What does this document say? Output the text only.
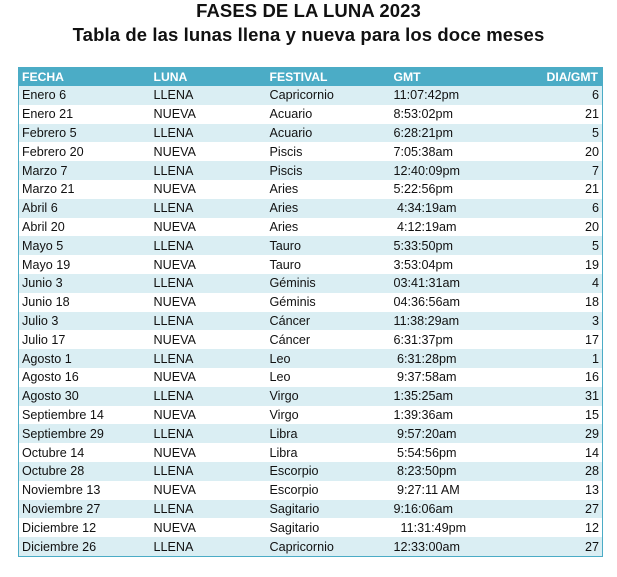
FASES DE LA LUNA 2023
Tabla de las lunas llena y nueva para los doce meses
FECHA	LUNA	FESTIVAL	GMT	DIA/GMT
Enero 6	LLENA	Capricornio	11:07:42pm	6
Enero 21	NUEVA	Acuario	8:53:02pm	21
Febrero 5	LLENA	Acuario	6:28:21pm	5
Febrero 20	NUEVA	Piscis	7:05:38am	20
Marzo 7	LLENA	Piscis	12:40:09pm	7
Marzo 21	NUEVA	Aries	5:22:56pm	21
Abril 6	LLENA	Aries	4:34:19am	6
Abril 20	NUEVA	Aries	4:12:19am	20
Mayo 5	LLENA	Tauro	5:33:50pm	5
Mayo 19	NUEVA	Tauro	3:53:04pm	19
Junio 3	LLENA	Géminis	03:41:31am	4
Junio 18	NUEVA	Géminis	04:36:56am	18
Julio 3	LLENA	Cáncer	11:38:29am	3
Julio 17	NUEVA	Cáncer	6:31:37pm	17
Agosto 1	LLENA	Leo	6:31:28pm	1
Agosto 16	NUEVA	Leo	9:37:58am	16
Agosto 30	LLENA	Virgo	1:35:25am	31
Septiembre 14	NUEVA	Virgo	1:39:36am	15
Septiembre 29	LLENA	Libra	9:57:20am	29
Octubre 14	NUEVA	Libra	5:54:56pm	14
Octubre 28	LLENA	Escorpio	8:23:50pm	28
Noviembre 13	NUEVA	Escorpio	9:27:11 AM	13
Noviembre 27	LLENA	Sagitario	9:16:06am	27
Diciembre 12	NUEVA	Sagitario	11:31:49pm	12
Diciembre 26	LLENA	Capricornio	12:33:00am	27
